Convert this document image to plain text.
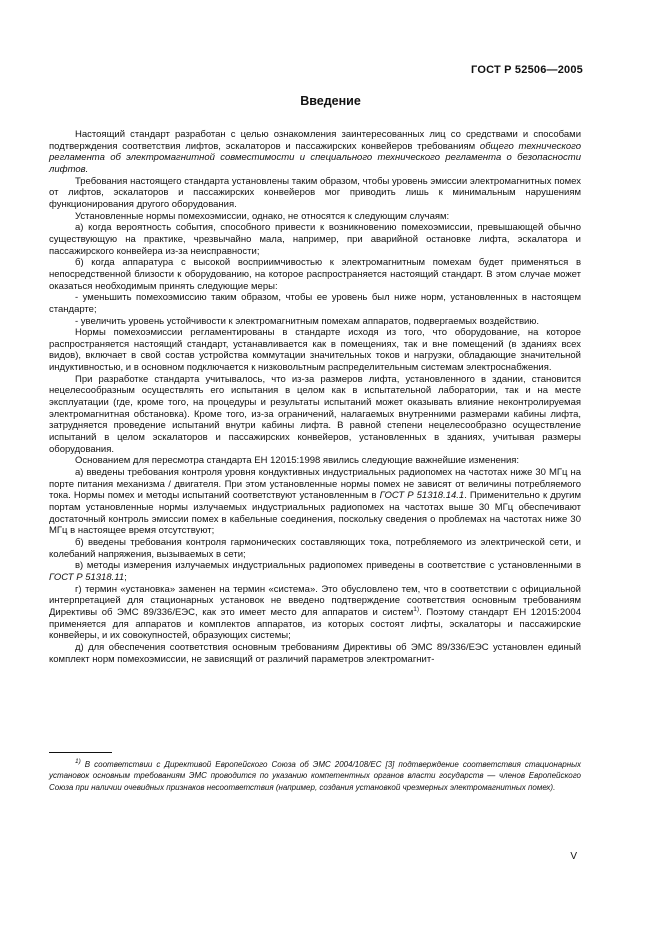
ГОСТ Р 52506—2005
Введение

Настоящий стандарт разработан с целью ознакомления заинтересованных лиц со средствами и способами подтверждения соответствия лифтов, эскалаторов и пассажирских конвейеров требованиям общего технического регламента об электромагнитной совместимости и специального технического регламента о безопасности лифтов.

Требования настоящего стандарта установлены таким образом, чтобы уровень эмиссии электромагнитных помех от лифтов, эскалаторов и пассажирских конвейеров мог приводить лишь к минимальным нарушениям функционирования другого оборудования.

Установленные нормы помехоэмиссии, однако, не относятся к следующим случаям:

а) когда вероятность события, способного привести к возникновению помехоэмиссии, превышающей обычно существующую на практике, чрезвычайно мала, например, при аварийной остановке лифта, эскалатора и пассажирского конвейера из-за неисправности;

б) когда аппаратура с высокой восприимчивостью к электромагнитным помехам будет применяться в непосредственной близости к оборудованию, на которое распространяется настоящий стандарт. В этом случае может оказаться необходимым принять следующие меры:

- уменьшить помехоэмиссию таким образом, чтобы ее уровень был ниже норм, установленных в настоящем стандарте;

- увеличить уровень устойчивости к электромагнитным помехам аппаратов, подвергаемых воздействию.

Нормы помехоэмиссии регламентированы в стандарте исходя из того, что оборудование, на которое распространяется настоящий стандарт, устанавливается как в помещениях, так и вне помещений (в зданиях всех видов), включает в свой состав устройства коммутации значительных токов и нагрузки, обладающие значительной индуктивностью, и в основном подключается к низковольтным распределительным системам электроснабжения.

При разработке стандарта учитывалось, что из-за размеров лифта, установленного в здании, становится нецелесообразным осуществлять его испытания в целом как в испытательной лаборатории, так и на месте эксплуатации (где, кроме того, на процедуры и результаты испытаний может оказывать влияние неконтролируемая электромагнитная обстановка). Кроме того, из-за ограничений, налагаемых внутренними размерами кабины лифта, затрудняется проведение испытаний внутри кабины лифта. В равной степени нецелесообразно осуществление испытаний в целом эскалаторов и пассажирских конвейеров, установленных в зданиях, учитывая размеры оборудования.

Основанием для пересмотра стандарта ЕН 12015:1998 явились следующие важнейшие изменения:

а) введены требования контроля уровня кондуктивных индустриальных радиопомех на частотах ниже 30 МГц на порте питания механизма / двигателя. При этом установленные нормы помех не зависят от величины потребляемого тока. Нормы помех и методы испытаний соответствуют установленным в ГОСТ Р 51318.14.1. Применительно к другим портам установленные нормы излучаемых индустриальных радиопомех на частотах выше 30 МГц обеспечивают достаточный контроль эмиссии помех в кабельные соединения, поскольку сведения о проблемах на частотах ниже 30 МГц в настоящее время отсутствуют;

б) введены требования контроля гармонических составляющих тока, потребляемого из электрической сети, и колебаний напряжения, вызываемых в сети;

в) методы измерения излучаемых индустриальных радиопомех приведены в соответствие с установленными в ГОСТ Р 51318.11;

г) термин «установка» заменен на термин «система». Это обусловлено тем, что в соответствии с официальной интерпретацией для стационарных установок не введено подтверждение соответствия основным требованиям Директивы об ЭМС 89/336/ЕЭС, как это имеет место для аппаратов и систем$^{1)}$. Поэтому стандарт ЕН 12015:2004 применяется для аппаратов и комплектов аппаратов, из которых состоят лифты, эскалаторы и пассажирские конвейеры, и их совокупностей, образующих системы;

д) для обеспечения соответствия основным требованиям Директивы об ЭМС 89/336/ЕЭС установлен единый комплект норм помехоэмиссии, не зависящий от различий параметров электромагнит-

1) В соответствии с Директивой Европейского Союза об ЭМС 2004/108/ЕС [3] подтверждение соответствия стационарных установок основным требованиям ЭМС проводится по указанию компетентных органов власти государств — членов Европейского Союза при наличии очевидных признаков несоответствия (например, создания установкой чрезмерных электромагнитных помех).
V
